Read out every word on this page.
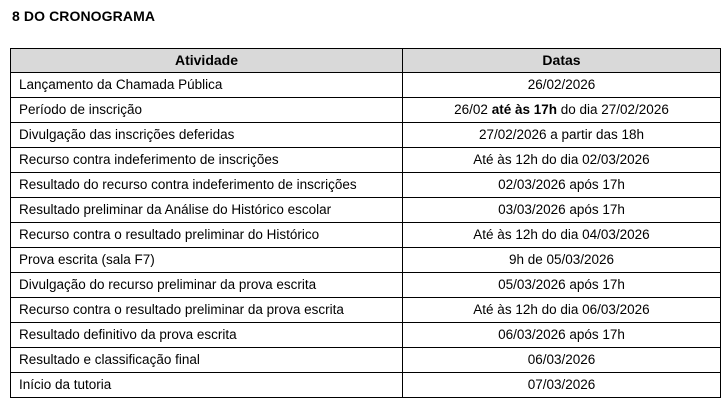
8 DO CRONOGRAMA
Atividade	Datas
Lançamento da Chamada Pública	26/02/2026
Período de inscrição	26/02 até às 17h do dia 27/02/2026
Divulgação das inscrições deferidas	27/02/2026 a partir das 18h
Recurso contra indeferimento de inscrições	Até às 12h do dia 02/03/2026
Resultado do recurso contra indeferimento de inscrições	02/03/2026 após 17h
Resultado preliminar da Análise do Histórico escolar	03/03/2026 após 17h
Recurso contra o resultado preliminar do Histórico	Até às 12h do dia 04/03/2026
Prova escrita (sala F7)	9h de 05/03/2026
Divulgação do recurso preliminar da prova escrita	05/03/2026 após 17h
Recurso contra o resultado preliminar da prova escrita	Até às 12h do dia 06/03/2026
Resultado definitivo da prova escrita	06/03/2026 após 17h
Resultado e classificação final	06/03/2026
Início da tutoria	07/03/2026
